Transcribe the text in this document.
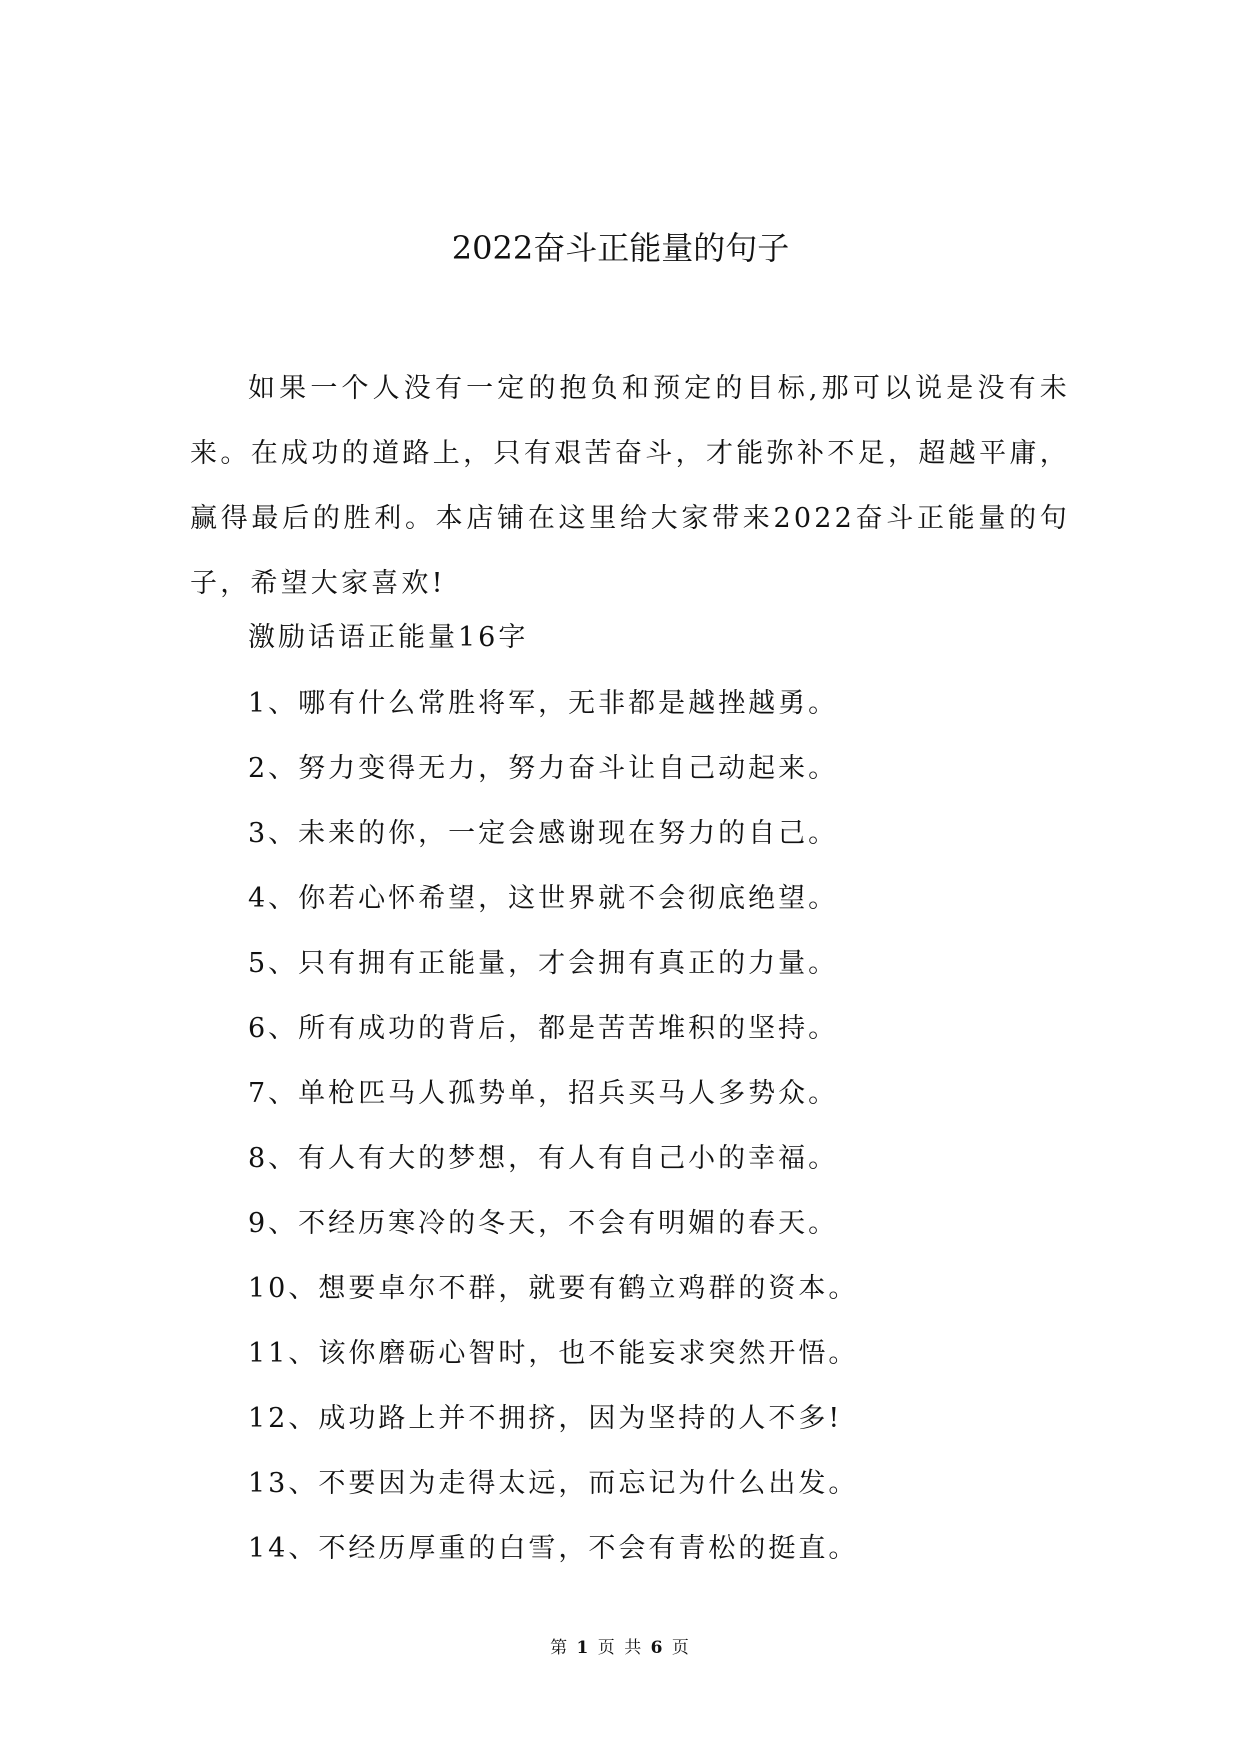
2022奋斗正能量的句子

如果一个人没有一定的抱负和预定的目标,那可以说是没有未来。在成功的道路上，只有艰苦奋斗，才能弥补不足，超越平庸，赢得最后的胜利。本店铺在这里给大家带来2022奋斗正能量的句子，希望大家喜欢!

激励话语正能量16字

1、哪有什么常胜将军，无非都是越挫越勇。
2、努力变得无力，努力奋斗让自己动起来。
3、未来的你，一定会感谢现在努力的自己。
4、你若心怀希望，这世界就不会彻底绝望。
5、只有拥有正能量，才会拥有真正的力量。
6、所有成功的背后，都是苦苦堆积的坚持。
7、单枪匹马人孤势单，招兵买马人多势众。
8、有人有大的梦想，有人有自己小的幸福。
9、不经历寒冷的冬天，不会有明媚的春天。
10、想要卓尔不群，就要有鹤立鸡群的资本。
11、该你磨砺心智时，也不能妄求突然开悟。
12、成功路上并不拥挤，因为坚持的人不多!
13、不要因为走得太远，而忘记为什么出发。
14、不经历厚重的白雪，不会有青松的挺直。
第 1 页 共 6 页
